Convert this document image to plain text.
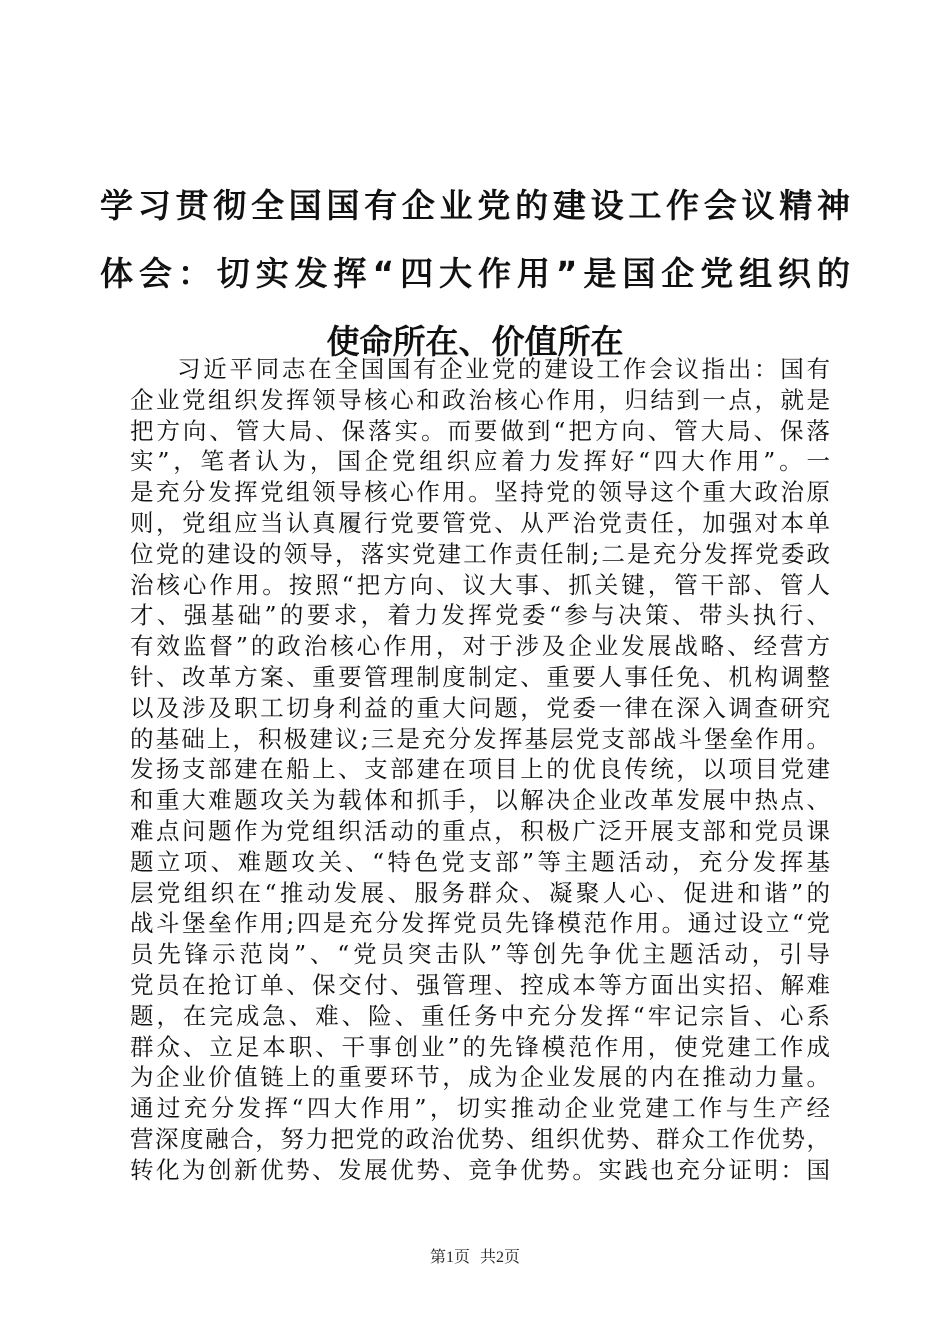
学习贯彻全国国有企业党的建设工作会议精神
体会：切实发挥“四大作用”是国企党组织的
使命所在、价值所在
习近平同志在全国国有企业党的建设工作会议指出：国有
企业党组织发挥领导核心和政治核心作用，归结到一点，就是
把方向、管大局、保落实。而要做到“把方向、管大局、保落
实”，笔者认为，国企党组织应着力发挥好“四大作用”。一
是充分发挥党组领导核心作用。坚持党的领导这个重大政治原
则，党组应当认真履行党要管党、从严治党责任，加强对本单
位党的建设的领导，落实党建工作责任制;二是充分发挥党委政
治核心作用。按照“把方向、议大事、抓关键，管干部、管人
才、强基础”的要求，着力发挥党委“参与决策、带头执行、
有效监督”的政治核心作用，对于涉及企业发展战略、经营方
针、改革方案、重要管理制度制定、重要人事任免、机构调整
以及涉及职工切身利益的重大问题，党委一律在深入调查研究
的基础上，积极建议;三是充分发挥基层党支部战斗堡垒作用。
发扬支部建在船上、支部建在项目上的优良传统，以项目党建
和重大难题攻关为载体和抓手，以解决企业改革发展中热点、
难点问题作为党组织活动的重点，积极广泛开展支部和党员课
题立项、难题攻关、“特色党支部”等主题活动，充分发挥基
层党组织在“推动发展、服务群众、凝聚人心、促进和谐”的
战斗堡垒作用;四是充分发挥党员先锋模范作用。通过设立“党
员先锋示范岗”、“党员突击队”等创先争优主题活动，引导
党员在抢订单、保交付、强管理、控成本等方面出实招、解难
题，在完成急、难、险、重任务中充分发挥“牢记宗旨、心系
群众、立足本职、干事创业”的先锋模范作用，使党建工作成
为企业价值链上的重要环节，成为企业发展的内在推动力量。
通过充分发挥“四大作用”，切实推动企业党建工作与生产经
营深度融合，努力把党的政治优势、组织优势、群众工作优势，
转化为创新优势、发展优势、竞争优势。实践也充分证明：国
第1页 共2页
